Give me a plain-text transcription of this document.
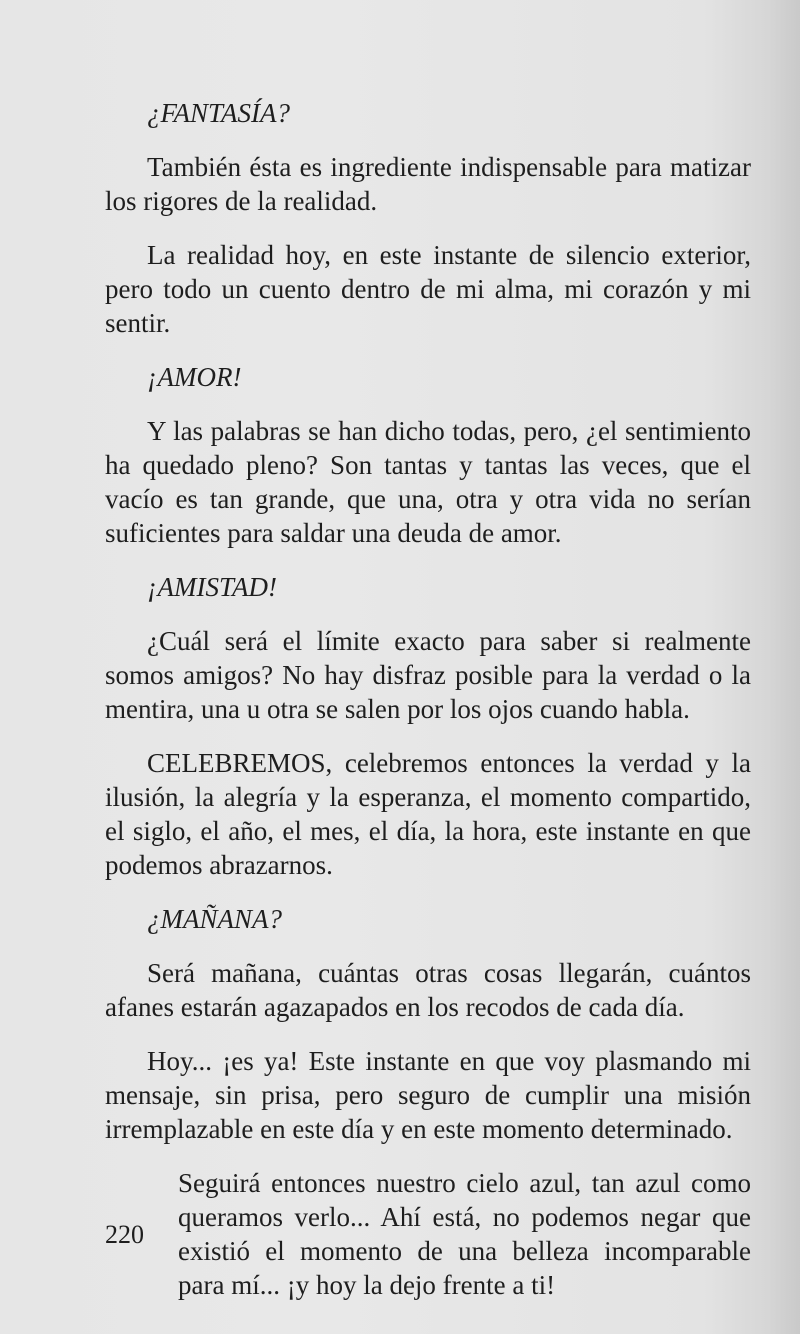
¿FANTASÍA?

También ésta es ingrediente indispensable para matizar los rigores de la realidad.

La realidad hoy, en este instante de silencio exterior, pero todo un cuento dentro de mi alma, mi corazón y mi sentir.

¡AMOR!

Y las palabras se han dicho todas, pero, ¿el sentimiento ha quedado pleno? Son tantas y tantas las veces, que el vacío es tan grande, que una, otra y otra vida no serían suficientes para saldar una deuda de amor.

¡AMISTAD!

¿Cuál será el límite exacto para saber si realmente somos amigos? No hay disfraz posible para la verdad o la mentira, una u otra se salen por los ojos cuando habla.

CELEBREMOS, celebremos entonces la verdad y la ilusión, la alegría y la esperanza, el momento compartido, el siglo, el año, el mes, el día, la hora, este instante en que podemos abrazarnos.

¿MAÑANA?

Será mañana, cuántas otras cosas llegarán, cuántos afanes estarán agazapados en los recodos de cada día.

Hoy... ¡es ya! Este instante en que voy plasmando mi mensaje, sin prisa, pero seguro de cumplir una misión irremplazable en este día y en este momento determinado.

Seguirá entonces nuestro cielo azul, tan azul como queramos verlo... Ahí está, no podemos negar que existió el momento de una belleza incomparable para mí... ¡y hoy la dejo frente a ti!

220
